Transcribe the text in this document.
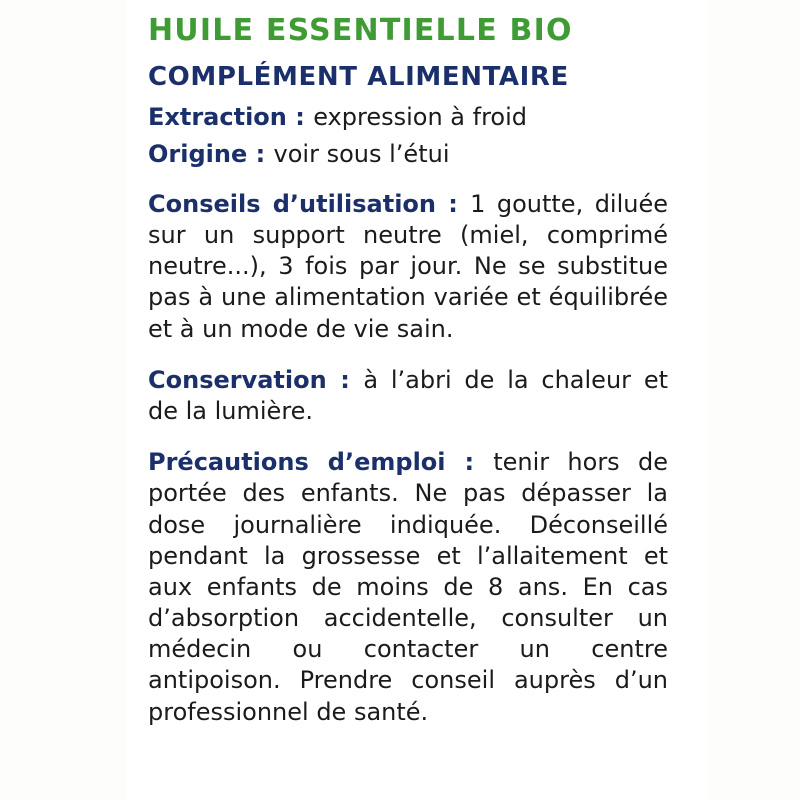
HUILE ESSENTIELLE BIO
COMPLÉMENT ALIMENTAIRE

Extraction : expression à froid

Origine : voir sous l’étui

Conseils d’utilisation : 1 goutte, diluée sur un support neutre (miel, comprimé neutre...), 3 fois par jour. Ne se substitue pas à une alimentation variée et équilibrée et à un mode de vie sain.

Conservation : à l’abri de la chaleur et de la lumière.

Précautions d’emploi : tenir hors de portée des enfants. Ne pas dépasser la dose journalière indiquée. Déconseillé pendant la grossesse et l’allaitement et aux enfants de moins de 8 ans. En cas d’absorption accidentelle, consulter un médecin ou contacter un centre antipoison. Prendre conseil auprès d’un professionnel de santé.
